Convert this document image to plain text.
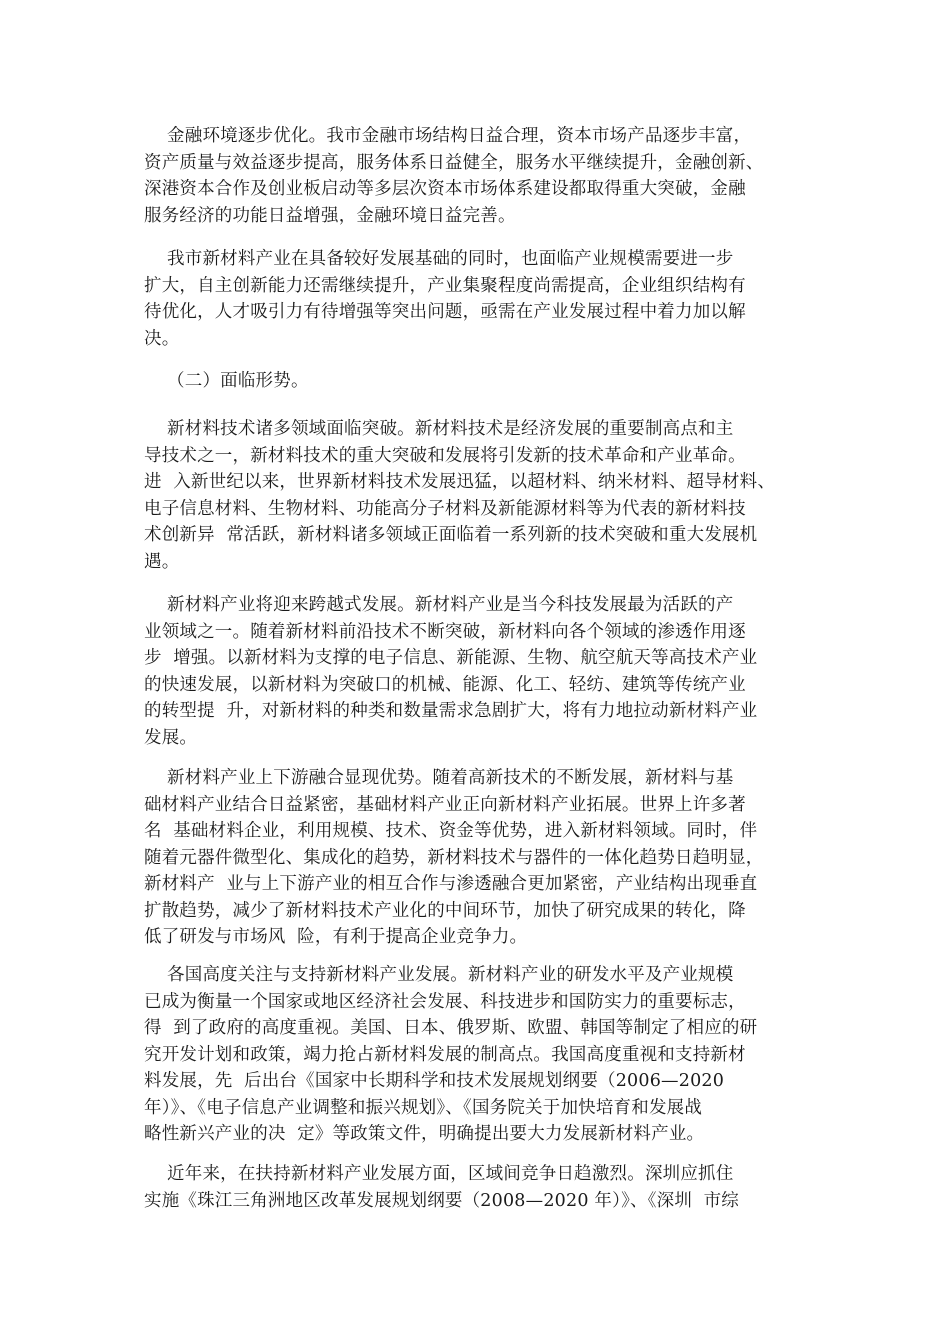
金融环境逐步优化。我市金融市场结构日益合理，资本市场产品逐步丰富，
资产质量与效益逐步提高，服务体系日益健全，服务水平继续提升，金融创新、
深港资本合作及创业板启动等多层次资本市场体系建设都取得重大突破，金融
服务经济的功能日益增强，金融环境日益完善。
我市新材料产业在具备较好发展基础的同时，也面临产业规模需要进一步
扩大，自主创新能力还需继续提升，产业集聚程度尚需提高，企业组织结构有
待优化，人才吸引力有待增强等突出问题，亟需在产业发展过程中着力加以解
决。
（二）面临形势。
新材料技术诸多领域面临突破。新材料技术是经济发展的重要制高点和主
导技术之一，新材料技术的重大突破和发展将引发新的技术革命和产业革命。
进  入新世纪以来，世界新材料技术发展迅猛，以超材料、纳米材料、超导材料、
电子信息材料、生物材料、功能高分子材料及新能源材料等为代表的新材料技
术创新异  常活跃，新材料诸多领域正面临着一系列新的技术突破和重大发展机
遇。
新材料产业将迎来跨越式发展。新材料产业是当今科技发展最为活跃的产
业领域之一。随着新材料前沿技术不断突破，新材料向各个领域的渗透作用逐
步  增强。以新材料为支撑的电子信息、新能源、生物、航空航天等高技术产业
的快速发展，以新材料为突破口的机械、能源、化工、轻纺、建筑等传统产业
的转型提  升，对新材料的种类和数量需求急剧扩大，将有力地拉动新材料产业
发展。
新材料产业上下游融合显现优势。随着高新技术的不断发展，新材料与基
础材料产业结合日益紧密，基础材料产业正向新材料产业拓展。世界上许多著
名  基础材料企业，利用规模、技术、资金等优势，进入新材料领域。同时，伴
随着元器件微型化、集成化的趋势，新材料技术与器件的一体化趋势日趋明显，
新材料产  业与上下游产业的相互合作与渗透融合更加紧密，产业结构出现垂直
扩散趋势，减少了新材料技术产业化的中间环节，加快了研究成果的转化，降
低了研发与市场风  险，有利于提高企业竞争力。
各国高度关注与支持新材料产业发展。新材料产业的研发水平及产业规模
已成为衡量一个国家或地区经济社会发展、科技进步和国防实力的重要标志，
得  到了政府的高度重视。美国、日本、俄罗斯、欧盟、韩国等制定了相应的研
究开发计划和政策，竭力抢占新材料发展的制高点。我国高度重视和支持新材
料发展，先  后出台《国家中长期科学和技术发展规划纲要（2006—2020
年）》、《电子信息产业调整和振兴规划》、《国务院关于加快培育和发展战
略性新兴产业的决  定》等政策文件，明确提出要大力发展新材料产业。
近年来，在扶持新材料产业发展方面，区域间竞争日趋激烈。深圳应抓住
实施《珠江三角洲地区改革发展规划纲要（2008—2020 年）》、《深圳  市综
